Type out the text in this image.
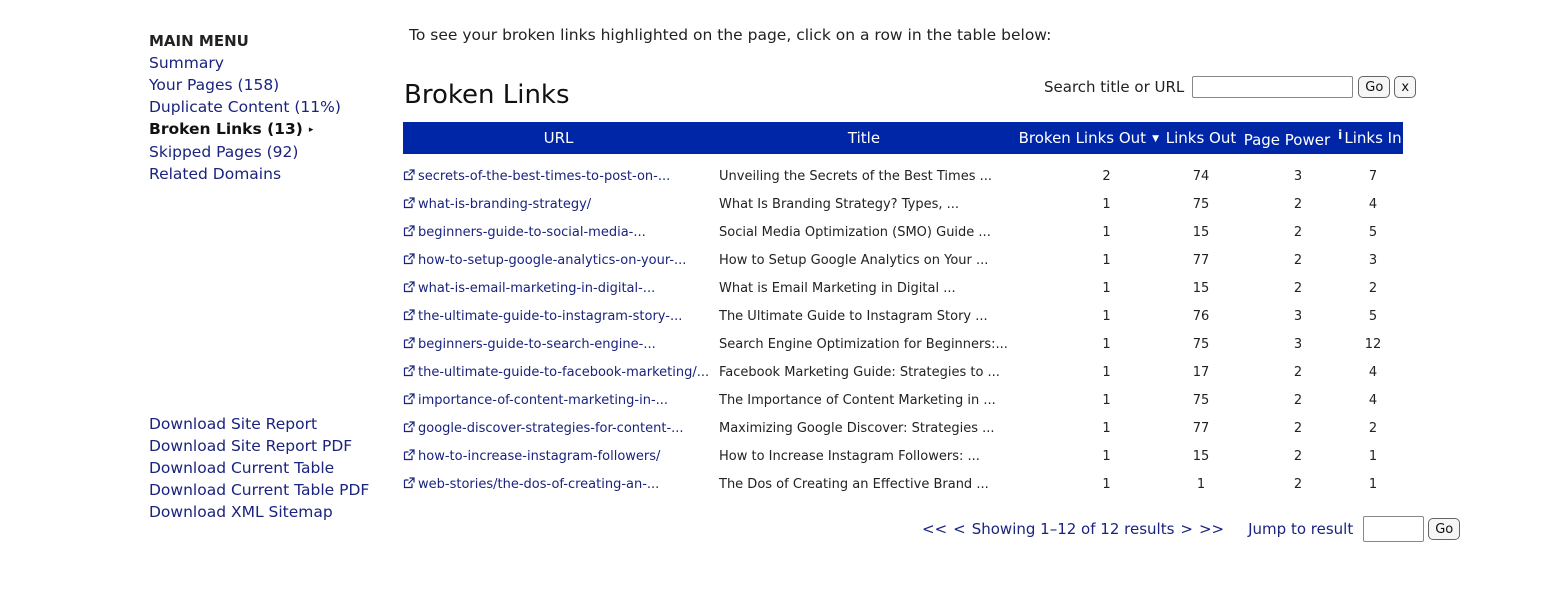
MAIN MENU
Summary
Your Pages (158)
Duplicate Content (11%)
Broken Links (13) ▸
Skipped Pages (92)
Related Domains
Download Site Report
Download Site Report PDF
Download Current Table
Download Current Table PDF
Download XML Sitemap
To see your broken links highlighted on the page, click on a row in the table below:
Broken Links	Search title or URL	Go	x
URL	Title	Broken Links Out ▼	Links Out	Page Power $^i$	Links In

secrets-of-the-best-times-to-post-on-...	Unveiling the Secrets of the Best Times ...	2	74	3	7
what-is-branding-strategy/	What Is Branding Strategy? Types, ...	1	75	2	4
beginners-guide-to-social-media-...	Social Media Optimization (SMO) Guide ...	1	15	2	5
how-to-setup-google-analytics-on-your-...	How to Setup Google Analytics on Your ...	1	77	2	3
what-is-email-marketing-in-digital-...	What is Email Marketing in Digital ...	1	15	2	2
the-ultimate-guide-to-instagram-story-...	The Ultimate Guide to Instagram Story ...	1	76	3	5
beginners-guide-to-search-engine-...	Search Engine Optimization for Beginners:...	1	75	3	12
the-ultimate-guide-to-facebook-marketing/...	Facebook Marketing Guide: Strategies to ...	1	17	2	4
importance-of-content-marketing-in-...	The Importance of Content Marketing in ...	1	75	2	4
google-discover-strategies-for-content-...	Maximizing Google Discover: Strategies ...	1	77	2	2
how-to-increase-instagram-followers/	How to Increase Instagram Followers: ...	1	15	2	1
web-stories/the-dos-of-creating-an-...	The Dos of Creating an Effective Brand ...	1	1	2	1
<< < Showing 1–12 of 12 results > >> Jump to result	Go
